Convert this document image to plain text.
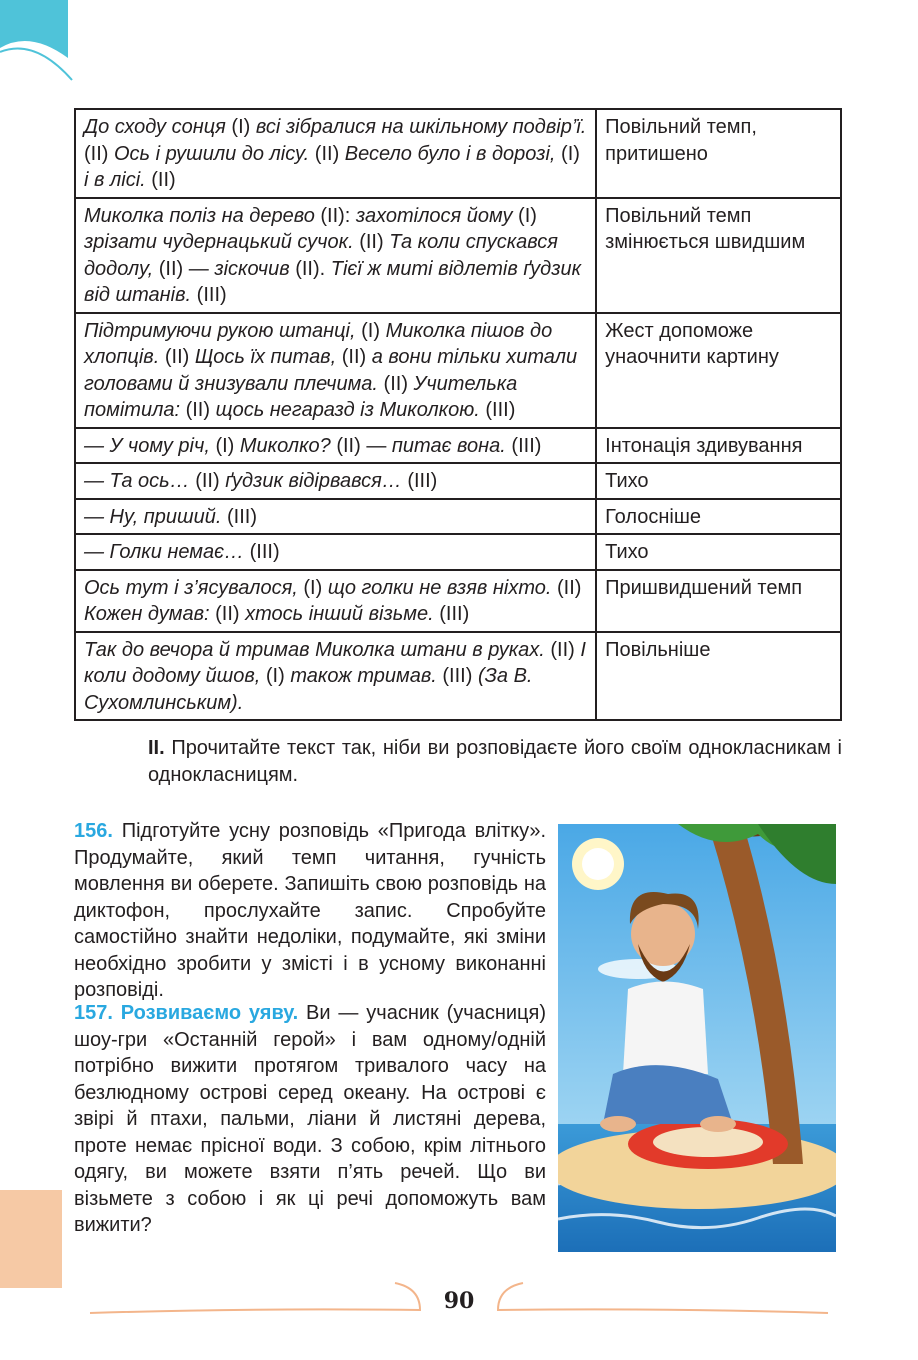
До сходу сонця (І) всі зібралися на шкільному подвір’ї. (ІІ) Ось і рушили до лісу. (ІІ) Весело було і в дорозі, (І) і в лісі. (ІІ)	Повільний темп, притишено
Миколка поліз на дерево (ІІ): захотілося йому (І) зрізати чудернацький сучок. (ІІ) Та коли спускався додолу, (ІІ) — зіскочив (ІІ). Тієї ж миті відлетів ґудзик від штанів. (ІІІ)	Повільний темп змінюється швидшим
Підтримуючи рукою штанці, (І) Миколка пішов до хлопців. (ІІ) Щось їх питав, (ІІ) а вони тільки хитали головами й знизували плечима. (ІІ) Учителька помітила: (ІІ) щось негаразд із Миколкою. (ІІІ)	Жест допоможе унаочнити картину
— У чому річ, (І) Миколко? (ІІ) — питає вона. (ІІІ)	Інтонація здивування
— Та ось… (ІІ) ґудзик відірвався… (ІІІ)	Тихо
— Ну, приший. (ІІІ)	Голосніше
— Голки немає… (ІІІ)	Тихо
Ось тут і з’ясувалося, (І) що голки не взяв ніхто. (ІІ) Кожен думав: (ІІ) хтось інший візьме. (ІІІ)	Пришвидшений темп
Так до вечора й тримав Миколка штани в руках. (ІІ) І коли додому йшов, (І) також тримав. (ІІІ) (За В. Сухомлинським).	Повільніше
ІІ. Прочитайте текст так, ніби ви розповідаєте його своїм однокласникам і однокласницям.
156. Підготуйте усну розповідь «Пригода влітку». Продумайте, який темп читання, гучність мовлення ви оберете. Запишіть свою розповідь на диктофон, прослухайте запис. Спробуйте самостійно знайти недоліки, подумайте, які зміни необхідно зробити у змісті і в усному виконанні розповіді.
157. Розвиваємо уяву. Ви — учасник (учасниця) шоу-гри «Останній герой» і вам одному/одній потрібно вижити протягом тривалого часу на безлюдному острові серед океану. На острові є звірі й птахи, пальми, ліани й листяні дерева, проте немає прісної води. З собою, крім літнього одягу, ви можете взяти п’ять речей. Що ви візьмете з собою і як ці речі допоможуть вам вижити?
90
